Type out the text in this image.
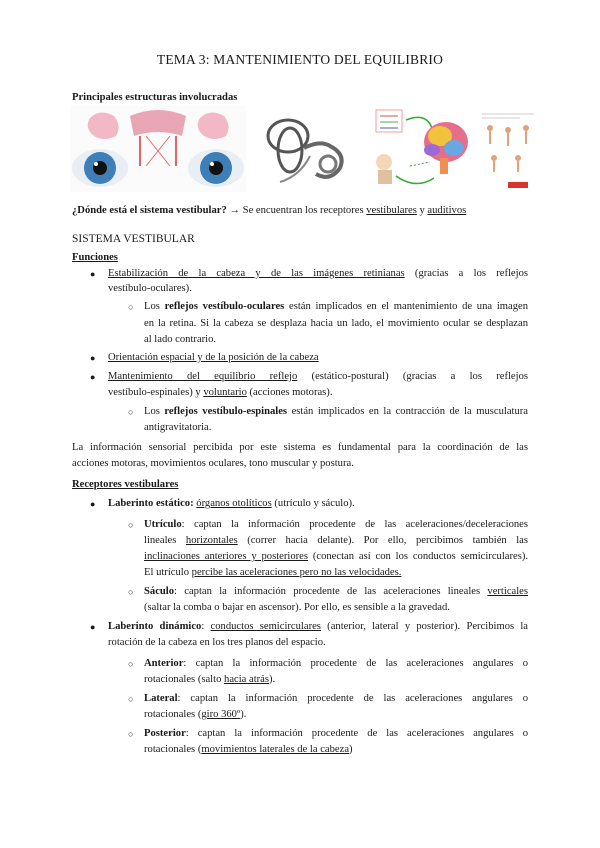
TEMA 3: MANTENIMIENTO DEL EQUILIBRIO
Principales estructuras involucradas
¿Dónde está el sistema vestibular? → Se encuentran los receptores vestibulares y auditivos
SISTEMA VESTIBULAR
Funciones
● Estabilización de la cabeza y de las imágenes retinianas (gracias a los reflejos
vestíbulo-oculares).
○ Los reflejos vestíbulo-oculares están implicados en el mantenimiento de una imagen
en la retina. Si la cabeza se desplaza hacia un lado, el movimiento ocular se desplazan
al lado contrario.
● Orientación espacial y de la posición de la cabeza
● Mantenimiento del equilibrio reflejo (estático-postural) (gracias a los reflejos
vestíbulo-espinales) y voluntario (acciones motoras).
○ Los reflejos vestíbulo-espinales están implicados en la contracción de la musculatura
antigravitatoria.
La información sensorial percibida por este sistema es fundamental para la coordinación de las
acciones motoras, movimientos oculares, tono muscular y postura.
Receptores vestibulares
● Laberinto estático: órganos otolíticos (utrículo y sáculo).
○ Utrículo: captan la información procedente de las aceleraciones/deceleraciones
lineales horizontales (correr hacia delante). Por ello, percibimos también las
inclinaciones anteriores y posteriores (conectan así con los conductos semicirculares).
El utrículo percibe las aceleraciones pero no las velocidades.
○ Sáculo: captan la información procedente de las aceleraciones lineales verticales
(saltar la comba o bajar en ascensor). Por ello, es sensible a la gravedad.
● Laberinto dinámico: conductos semicirculares (anterior, lateral y posterior). Percibimos la
rotación de la cabeza en los tres planos del espacio.
○ Anterior: captan la información procedente de las aceleraciones angulares o
rotacionales (salto hacia atrás).
○ Lateral: captan la información procedente de las aceleraciones angulares o
rotacionales (giro 360º).
○ Posterior: captan la información procedente de las aceleraciones angulares o
rotacionales (movimientos laterales de la cabeza)
